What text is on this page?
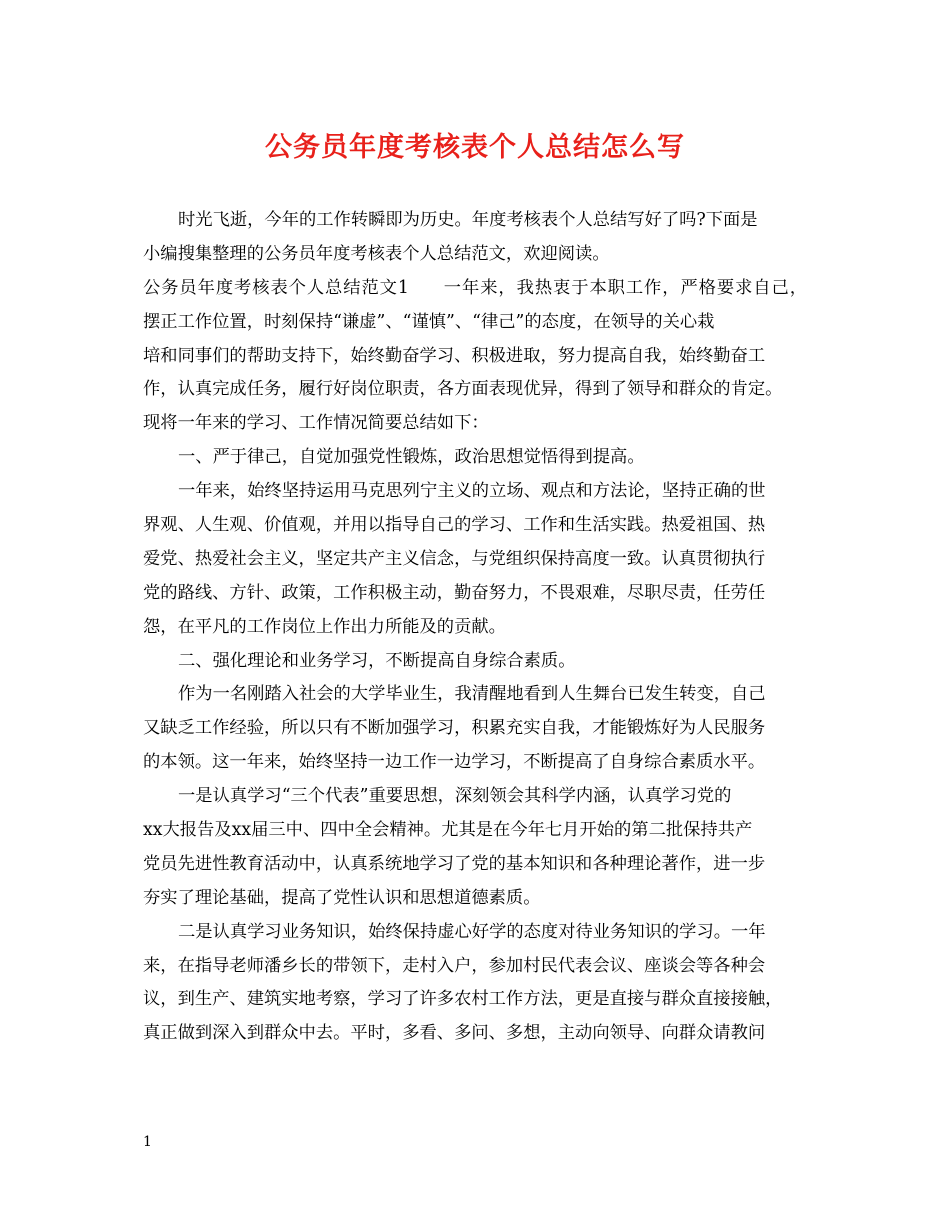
公务员年度考核表个人总结怎么写
时光飞逝，今年的工作转瞬即为历史。年度考核表个人总结写好了吗?下面是
小编搜集整理的公务员年度考核表个人总结范文，欢迎阅读。
公务员年度考核表个人总结范文1 一年来，我热衷于本职工作，严格要求自己，
摆正工作位置，时刻保持“谦虚”、“谨慎”、“律己”的态度，在领导的关心栽
培和同事们的帮助支持下，始终勤奋学习、积极进取，努力提高自我，始终勤奋工
作，认真完成任务，履行好岗位职责，各方面表现优异，得到了领导和群众的肯定。
现将一年来的学习、工作情况简要总结如下：
一、严于律己，自觉加强党性锻炼，政治思想觉悟得到提高。
一年来，始终坚持运用马克思列宁主义的立场、观点和方法论，坚持正确的世
界观、人生观、价值观，并用以指导自己的学习、工作和生活实践。热爱祖国、热
爱党、热爱社会主义，坚定共产主义信念，与党组织保持高度一致。认真贯彻执行
党的路线、方针、政策，工作积极主动，勤奋努力，不畏艰难，尽职尽责，任劳任
怨，在平凡的工作岗位上作出力所能及的贡献。
二、强化理论和业务学习，不断提高自身综合素质。
作为一名刚踏入社会的大学毕业生，我清醒地看到人生舞台已发生转变，自己
又缺乏工作经验，所以只有不断加强学习，积累充实自我，才能锻炼好为人民服务
的本领。这一年来，始终坚持一边工作一边学习，不断提高了自身综合素质水平。
一是认真学习“三个代表”重要思想，深刻领会其科学内涵，认真学习党的
xx大报告及xx届三中、四中全会精神。尤其是在今年七月开始的第二批保持共产
党员先进性教育活动中，认真系统地学习了党的基本知识和各种理论著作，进一步
夯实了理论基础，提高了党性认识和思想道德素质。
二是认真学习业务知识，始终保持虚心好学的态度对待业务知识的学习。一年
来，在指导老师潘乡长的带领下，走村入户，参加村民代表会议、座谈会等各种会
议，到生产、建筑实地考察，学习了许多农村工作方法，更是直接与群众直接接触，
真正做到深入到群众中去。平时，多看、多问、多想，主动向领导、向群众请教问
1
